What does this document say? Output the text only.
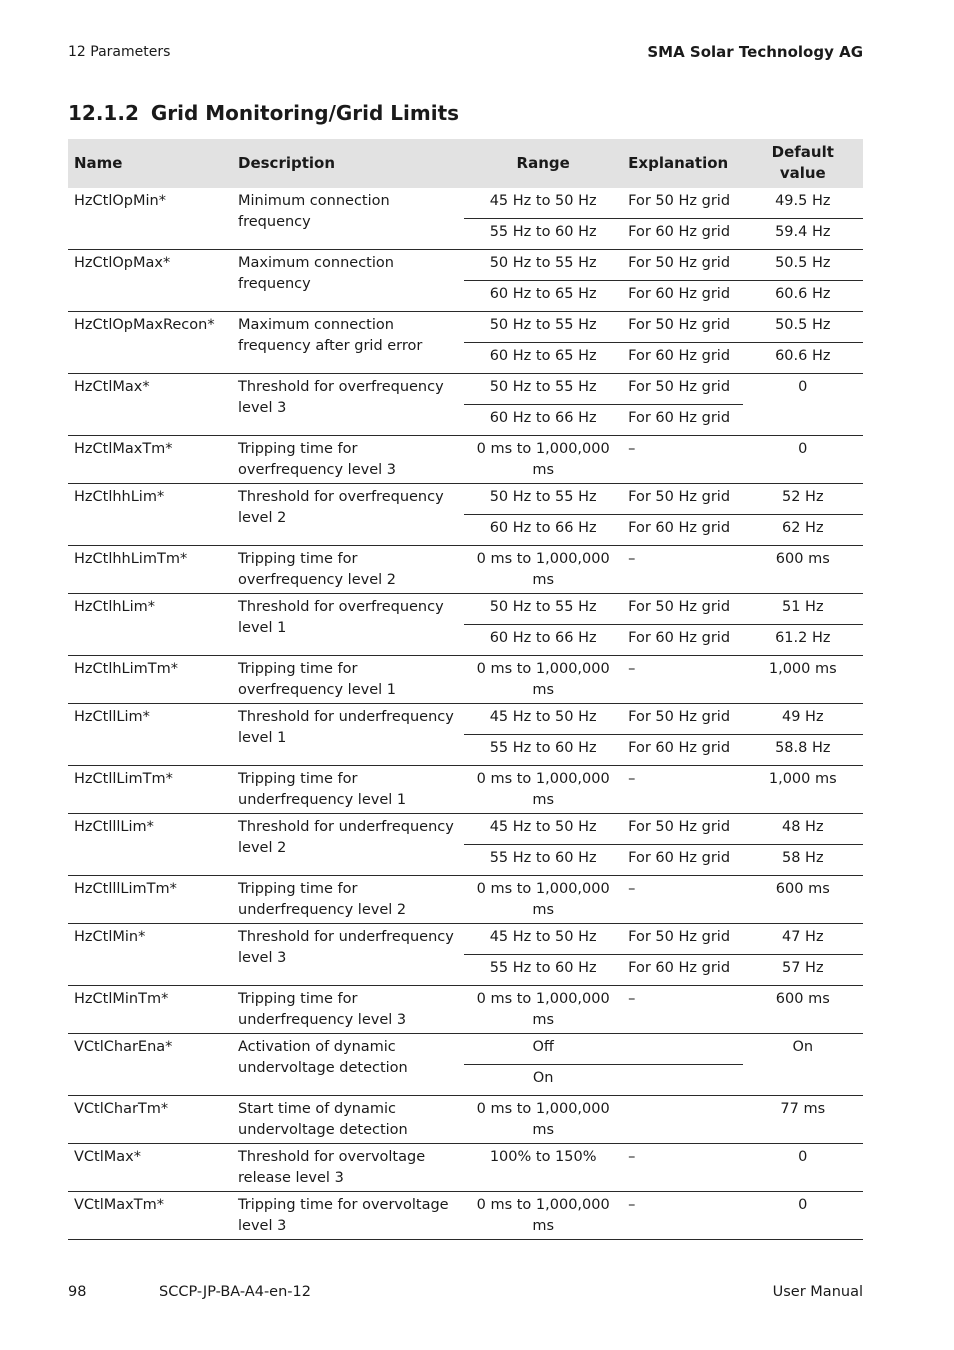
12 Parameters	SMA Solar Technology AG
12.1.2 Grid Monitoring/Grid Limits
Name	Description	Range	Explanation	Default value
HzCtlOpMin*	Minimum connection frequency	45 Hz to 50 Hz	For 50 Hz grid	49.5 Hz
		55 Hz to 60 Hz	For 60 Hz grid	59.4 Hz
HzCtlOpMax*	Maximum connection frequency	50 Hz to 55 Hz	For 50 Hz grid	50.5 Hz
		60 Hz to 65 Hz	For 60 Hz grid	60.6 Hz
HzCtlOpMaxRecon*	Maximum connection frequency after grid error	50 Hz to 55 Hz	For 50 Hz grid	50.5 Hz
		60 Hz to 65 Hz	For 60 Hz grid	60.6 Hz
HzCtlMax*	Threshold for overfrequency level 3	50 Hz to 55 Hz	For 50 Hz grid	0
		60 Hz to 66 Hz	For 60 Hz grid	
HzCtlMaxTm*	Tripping time for overfrequency level 3	0 ms to 1,000,000 ms	–	0
HzCtlhhLim*	Threshold for overfrequency level 2	50 Hz to 55 Hz	For 50 Hz grid	52 Hz
		60 Hz to 66 Hz	For 60 Hz grid	62 Hz
HzCtlhhLimTm*	Tripping time for overfrequency level 2	0 ms to 1,000,000 ms	–	600 ms
HzCtlhLim*	Threshold for overfrequency level 1	50 Hz to 55 Hz	For 50 Hz grid	51 Hz
		60 Hz to 66 Hz	For 60 Hz grid	61.2 Hz
HzCtlhLimTm*	Tripping time for overfrequency level 1	0 ms to 1,000,000 ms	–	1,000 ms
HzCtllLim*	Threshold for underfrequency level 1	45 Hz to 50 Hz	For 50 Hz grid	49 Hz
		55 Hz to 60 Hz	For 60 Hz grid	58.8 Hz
HzCtllLimTm*	Tripping time for underfrequency level 1	0 ms to 1,000,000 ms	–	1,000 ms
HzCtlllLim*	Threshold for underfrequency level 2	45 Hz to 50 Hz	For 50 Hz grid	48 Hz
		55 Hz to 60 Hz	For 60 Hz grid	58 Hz
HzCtlllLimTm*	Tripping time for underfrequency level 2	0 ms to 1,000,000 ms	–	600 ms
HzCtlMin*	Threshold for underfrequency level 3	45 Hz to 50 Hz	For 50 Hz grid	47 Hz
		55 Hz to 60 Hz	For 60 Hz grid	57 Hz
HzCtlMinTm*	Tripping time for underfrequency level 3	0 ms to 1,000,000 ms	–	600 ms
VCtlCharEna*	Activation of dynamic undervoltage detection	Off		On
		On		
VCtlCharTm*	Start time of dynamic undervoltage detection	0 ms to 1,000,000 ms		77 ms
VCtlMax*	Threshold for overvoltage release level 3	100% to 150%	–	0
VCtlMaxTm*	Tripping time for overvoltage level 3	0 ms to 1,000,000 ms	–	0
98	SCCP-JP-BA-A4-en-12	User Manual
